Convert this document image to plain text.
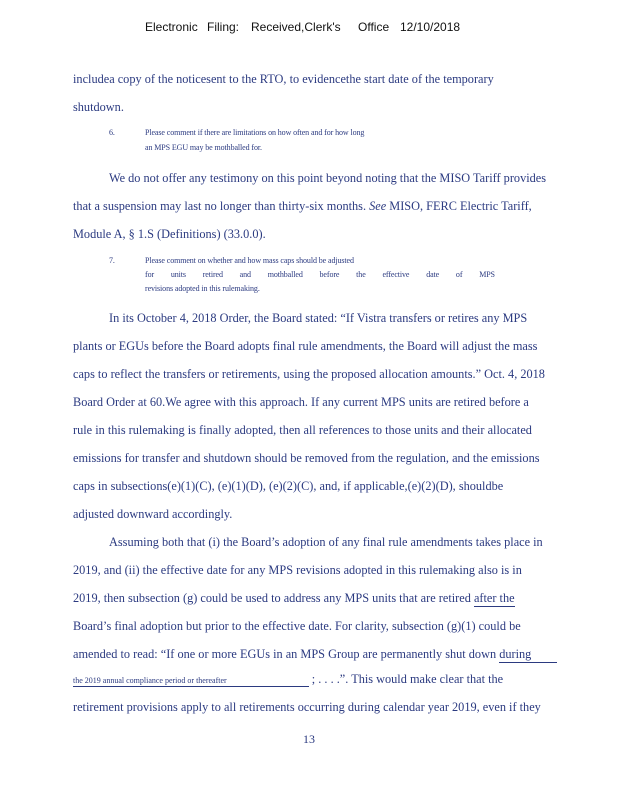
Electronic Filing: Received,Clerk's Office 12/10/2018
includea copy of the noticesent to the RTO, to evidencethe start date of the temporary
shutdown.
6.	Please comment if there are limitations on how often and for how long
an MPS EGU may be mothballed for.
We do not offer any testimony on this point beyond noting that the MISO Tariff provides
that a suspension may last no longer than thirty-six months. See MISO, FERC Electric Tariff,
Module A, § 1.S (Definitions) (33.0.0).
7.	Please comment on whether and how mass caps should be adjusted
for units retired and mothballed before the effective date of MPS
revisions adopted in this rulemaking.
In its October 4, 2018 Order, the Board stated: “If Vistra transfers or retires any MPS
plants or EGUs before the Board adopts final rule amendments, the Board will adjust the mass
caps to reflect the transfers or retirements, using the proposed allocation amounts.” Oct. 4, 2018
Board Order at 60.We agree with this approach. If any current MPS units are retired before a
rule in this rulemaking is finally adopted, then all references to those units and their allocated
emissions for transfer and shutdown should be removed from the regulation, and the emissions
caps in subsections(e)(1)(C), (e)(1)(D), (e)(2)(C), and, if applicable,(e)(2)(D), shouldbe
adjusted downward accordingly.
Assuming both that (i) the Board’s adoption of any final rule amendments takes place in
2019, and (ii) the effective date for any MPS revisions adopted in this rulemaking also is in
2019, then subsection (g) could be used to address any MPS units that are retired after the
Board’s final adoption but prior to the effective date. For clarity, subsection (g)(1) could be
amended to read: “If one or more EGUs in an MPS Group are permanently shut down during
the 2019 annual compliance period or thereafter	; . . . .”. This would make clear that the
retirement provisions apply to all retirements occurring during calendar year 2019, even if they
13
